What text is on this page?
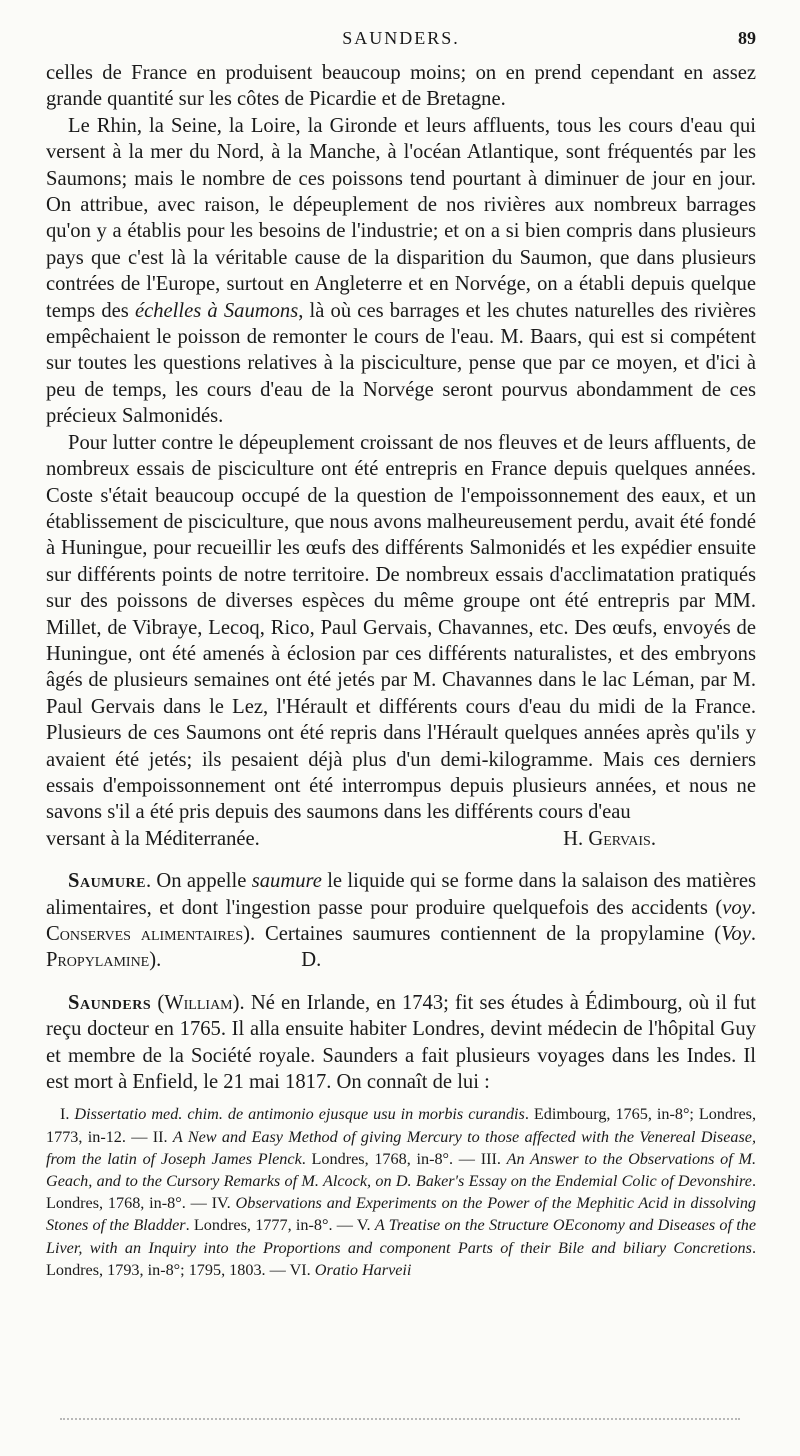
SAUNDERS.	89

celles de France en produisent beaucoup moins; on en prend cependant en assez grande quantité sur les côtes de Picardie et de Bretagne.

Le Rhin, la Seine, la Loire, la Gironde et leurs affluents, tous les cours d'eau qui versent à la mer du Nord, à la Manche, à l'océan Atlantique, sont fréquentés par les Saumons; mais le nombre de ces poissons tend pourtant à diminuer de jour en jour. On attribue, avec raison, le dépeuplement de nos rivières aux nombreux barrages qu'on y a établis pour les besoins de l'industrie; et on a si bien compris dans plusieurs pays que c'est là la véritable cause de la disparition du Saumon, que dans plusieurs contrées de l'Europe, surtout en Angleterre et en Norvége, on a établi depuis quelque temps des échelles à Saumons, là où ces barrages et les chutes naturelles des rivières empêchaient le poisson de remonter le cours de l'eau. M. Baars, qui est si compétent sur toutes les questions relatives à la pisciculture, pense que par ce moyen, et d'ici à peu de temps, les cours d'eau de la Norvége seront pourvus abondamment de ces précieux Salmonidés.

Pour lutter contre le dépeuplement croissant de nos fleuves et de leurs affluents, de nombreux essais de pisciculture ont été entrepris en France depuis quelques années. Coste s'était beaucoup occupé de la question de l'empoissonnement des eaux, et un établissement de pisciculture, que nous avons malheureusement perdu, avait été fondé à Huningue, pour recueillir les œufs des différents Salmonidés et les expédier ensuite sur différents points de notre territoire. De nombreux essais d'acclimatation pratiqués sur des poissons de diverses espèces du même groupe ont été entrepris par MM. Millet, de Vibraye, Lecoq, Rico, Paul Gervais, Chavannes, etc. Des œufs, envoyés de Huningue, ont été amenés à éclosion par ces différents naturalistes, et des embryons âgés de plusieurs semaines ont été jetés par M. Chavannes dans le lac Léman, par M. Paul Gervais dans le Lez, l'Hérault et différents cours d'eau du midi de la France. Plusieurs de ces Saumons ont été repris dans l'Hérault quelques années après qu'ils y avaient été jetés; ils pesaient déjà plus d'un demi-kilogramme. Mais ces derniers essais d'empoissonnement ont été interrompus depuis plusieurs années, et nous ne savons s'il a été pris depuis des saumons dans les différents cours d'eau

versant à la Méditerranée.	H. Gervais.

Saumure. On appelle saumure le liquide qui se forme dans la salaison des matières alimentaires, et dont l'ingestion passe pour produire quelquefois des accidents (voy. Conserves alimentaires). Certaines saumures contiennent de la propylamine (Voy. Propylamine).	D.

Saunders (William). Né en Irlande, en 1743; fit ses études à Édimbourg, où il fut reçu docteur en 1765. Il alla ensuite habiter Londres, devint médecin de l'hôpital Guy et membre de la Société royale. Saunders a fait plusieurs voyages dans les Indes. Il est mort à Enfield, le 21 mai 1817. On connaît de lui :

I. Dissertatio med. chim. de antimonio ejusque usu in morbis curandis. Edimbourg, 1765, in-8°; Londres, 1773, in-12. — II. A New and Easy Method of giving Mercury to those affected with the Venereal Disease, from the latin of Joseph James Plenck. Londres, 1768, in-8°. — III. An Answer to the Observations of M. Geach, and to the Cursory Remarks of M. Alcock, on D. Baker's Essay on the Endemial Colic of Devonshire. Londres, 1768, in-8°. — IV. Observations and Experiments on the Power of the Mephitic Acid in dissolving Stones of the Bladder. Londres, 1777, in-8°. — V. A Treatise on the Structure OEconomy and Diseases of the Liver, with an Inquiry into the Proportions and component Parts of their Bile and biliary Concretions. Londres, 1793, in-8°; 1795, 1803. — VI. Oratio Harveii
